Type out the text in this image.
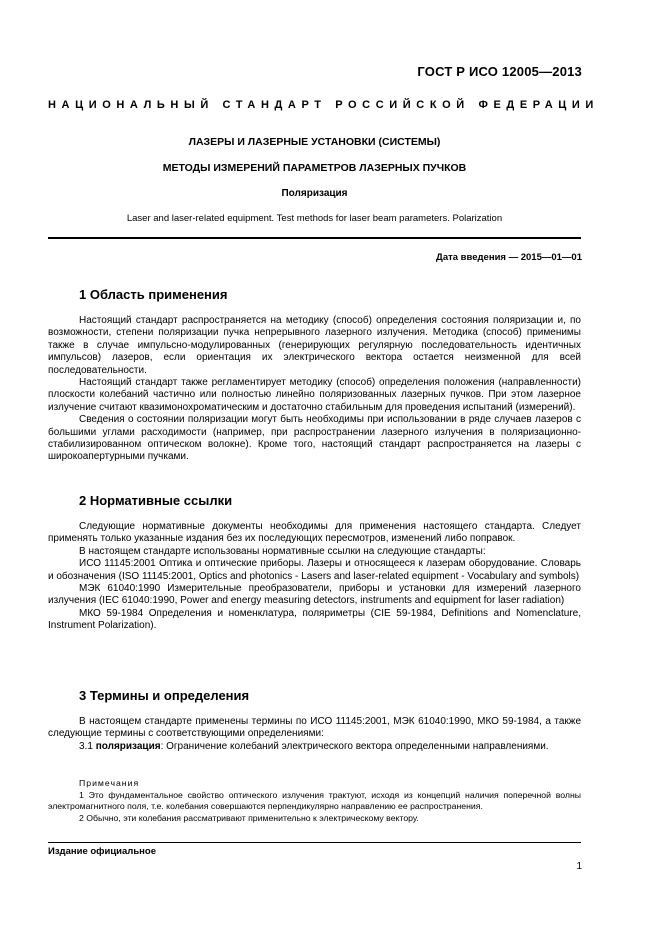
ГОСТ Р ИСО 12005—2013
НАЦИОНАЛЬНЫЙ СТАНДАРТ РОССИЙСКОЙ ФЕДЕРАЦИИ
ЛАЗЕРЫ И ЛАЗЕРНЫЕ УСТАНОВКИ (СИСТЕМЫ)
МЕТОДЫ ИЗМЕРЕНИЙ ПАРАМЕТРОВ ЛАЗЕРНЫХ ПУЧКОВ
Поляризация
Laser and laser-related equipment. Test methods for laser beam parameters. Polarization
Дата введения — 2015—01—01
1 Область применения

Настоящий стандарт распространяется на методику (способ) определения состояния поляризации и, по возможности, степени поляризации пучка непрерывного лазерного излучения. Методика (способ) применимы также в случае импульсно-модулированных (генерирующих регулярную последовательность идентичных импульсов) лазеров, если ориентация их электрического вектора остается неизменной для всей последовательности.

Настоящий стандарт также регламентирует методику (способ) определения положения (направленности) плоскости колебаний частично или полностью линейно поляризованных лазерных пучков. При этом лазерное излучение считают квазимонохроматическим и достаточно стабильным для проведения испытаний (измерений).

Сведения о состоянии поляризации могут быть необходимы при использовании в ряде случаев лазеров с большими углами расходимости (например, при распространении лазерного излучения в поляризационно-стабилизированном оптическом волокне). Кроме того, настоящий стандарт распространяется на лазеры с широкоапертурными пучками.

2 Нормативные ссылки

Следующие нормативные документы необходимы для применения настоящего стандарта. Следует применять только указанные издания без их последующих пересмотров, изменений либо поправок.

В настоящем стандарте использованы нормативные ссылки на следующие стандарты:

ИСО 11145:2001 Оптика и оптические приборы. Лазеры и относящееся к лазерам оборудование. Словарь и обозначения (ISO 11145:2001, Optics and photonics - Lasers and laser-related equipment - Vocabulary and symbols)

МЭК 61040:1990 Измерительные преобразователи, приборы и установки для измерений лазерного излучения (IEC 61040:1990, Power and energy measuring detectors, instruments and equipment for laser radiation)

МКО 59-1984 Определения и номенклатура, поляриметры (CIE 59-1984, Definitions and Nomenclature, Instrument Polarization).

3 Термины и определения

В настоящем стандарте применены термины по ИСО 11145:2001, МЭК 61040:1990, МКО 59-1984, а также следующие термины с соответствующими определениями:

3.1 поляризация: Ограничение колебаний электрического вектора определенными направлениями.

Примечания

1 Это фундаментальное свойство оптического излучения трактуют, исходя из концепций наличия поперечной волны электромагнитного поля, т.е. колебания совершаются перпендикулярно направлению ее распространения.

2 Обычно, эти колебания рассматривают применительно к электрическому вектору.

Издание официальное
1
